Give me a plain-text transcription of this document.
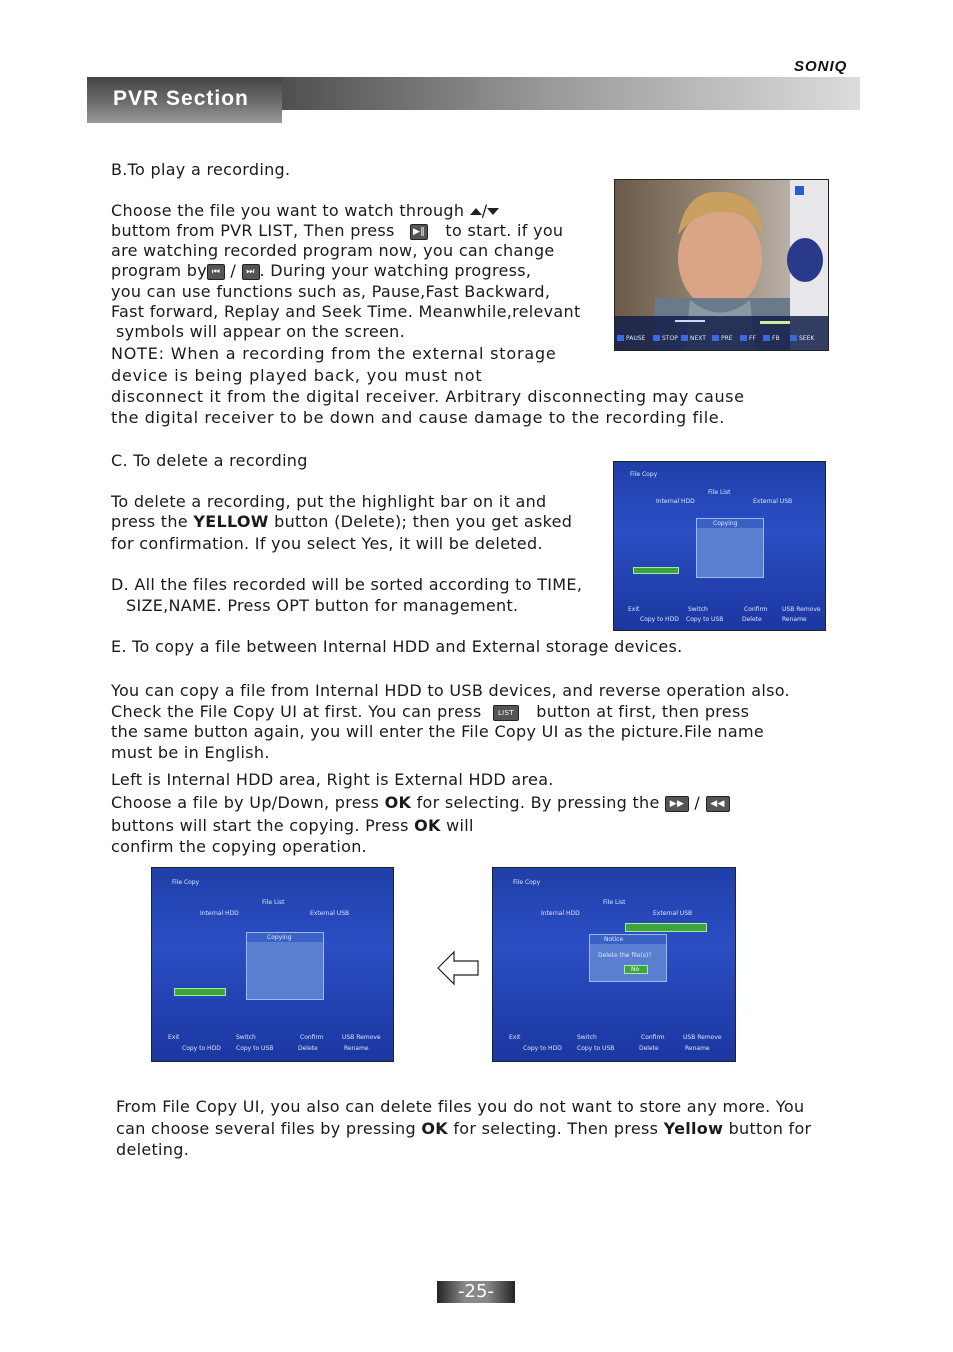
SONIQ
PVR Section
B.To play a recording.
Choose the file you want to watch through /
buttom from PVR LIST, Then press ▶‖ to start. if you
are watching recorded program now, you can change
program by ⏮ / ⏭ . During your watching progress,
you can use functions such as, Pause,Fast Backward,
Fast forward, Replay and Seek Time. Meanwhile,relevant
symbols will appear on the screen.
NOTE: When a recording from the external storage
device is being played back, you must not
disconnect it from the digital receiver. Arbitrary disconnecting may cause
the digital receiver to be down and cause damage to the recording file.
PAUSE	STOP NEXT	PRE	FF	FB	SEEK
C. To delete a recording
To delete a recording, put the highlight bar on it and
press the YELLOW button (Delete); then you get asked
for confirmation. If you select Yes, it will be deleted.
D. All the files recorded will be sorted according to TIME,
SIZE,NAME. Press OPT button for management.
File Copy
File List
Internal HDD	External USB
Copying
Exit	Switch	Confirm USB Remove
Copy to HDD Copy to USB	Delete	Rename
E. To copy a file between Internal HDD and External storage devices.
You can copy a file from Internal HDD to USB devices, and reverse operation also.
Check the File Copy UI at first. You can press LIST button at first, then press
the same button again, you will enter the File Copy UI as the picture.File name
must be in English.
Left is Internal HDD area, Right is External HDD area.
Choose a file by Up/Down, press OK for selecting. By pressing the ▶▶ / ◀◀
buttons will start the copying. Press OK will
confirm the copying operation.
File Copy
File List
Internal HDD	External USB
Copying
Exit	Switch	Confirm	USB Remove
Copy to HDD	Copy to USB	Delete	Rename
File Copy
File List
Internal HDD	External USB
Notice
Delete the file(s)?
No
Exit	Switch	Confirm	USB Remove
Copy to HDD	Copy to USB	Delete	Rename
From File Copy UI, you also can delete files you do not want to store any more. You
can choose several files by pressing OK for selecting. Then press Yellow button for
deleting.
-25-
